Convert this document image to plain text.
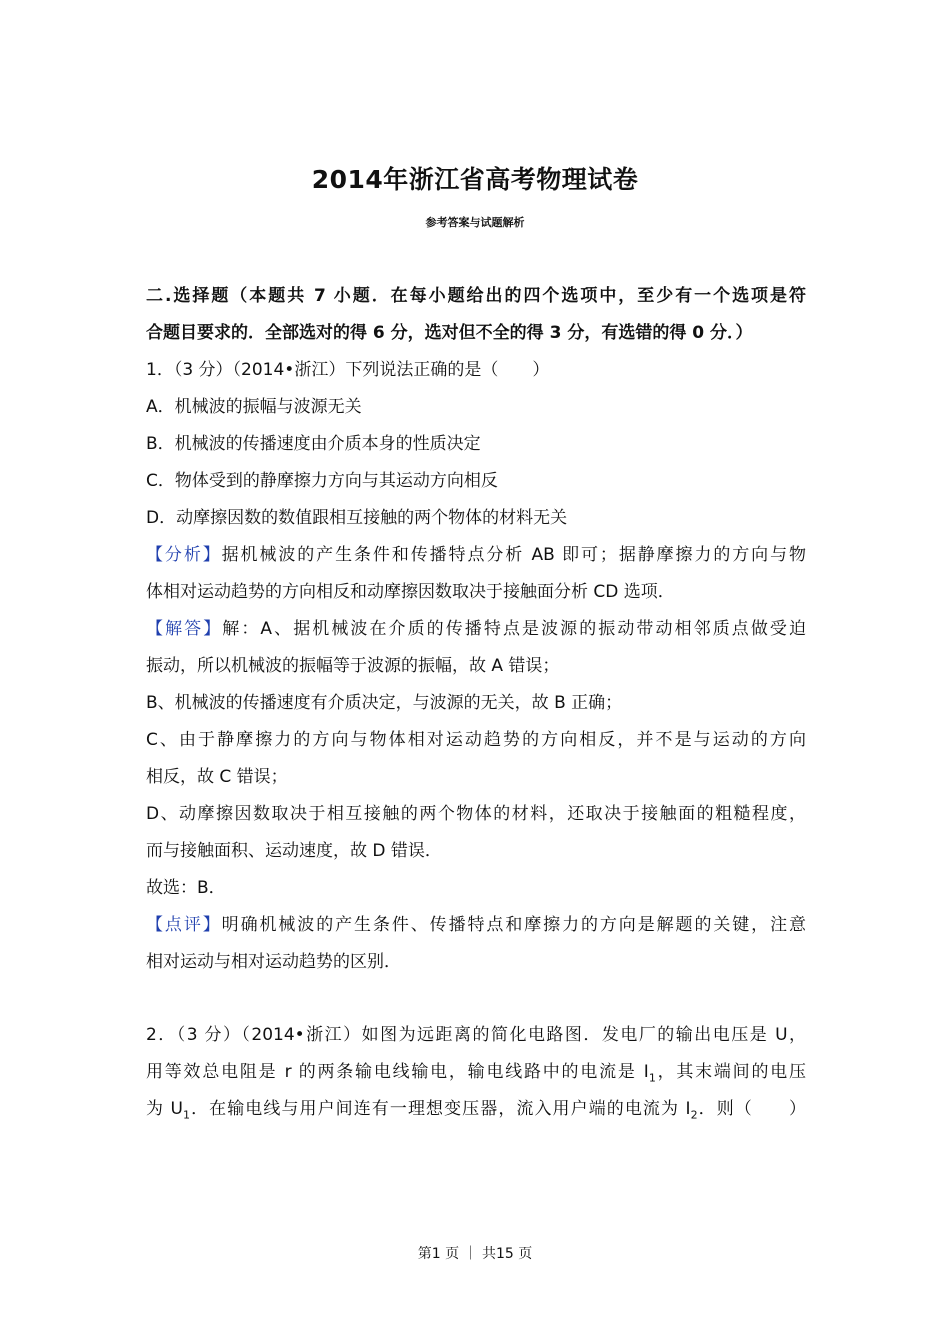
2014年浙江省高考物理试卷
参考答案与试题解析
二.选择题（本题共 7 小题．在每小题给出的四个选项中，至少有一个选项是符
合题目要求的．全部选对的得 6 分，选对但不全的得 3 分，有选错的得 0 分．）
1．（3 分）（2014•浙江）下列说法正确的是（　　）
A．机械波的振幅与波源无关
B．机械波的传播速度由介质本身的性质决定
C．物体受到的静摩擦力方向与其运动方向相反
D．动摩擦因数的数值跟相互接触的两个物体的材料无关
【分析】据机械波的产生条件和传播特点分析 AB 即可；据静摩擦力的方向与物
体相对运动趋势的方向相反和动摩擦因数取决于接触面分析 CD 选项．
【解答】解：A、据机械波在介质的传播特点是波源的振动带动相邻质点做受迫
振动，所以机械波的振幅等于波源的振幅，故 A 错误；
B、机械波的传播速度有介质决定，与波源的无关，故 B 正确；
C、由于静摩擦力的方向与物体相对运动趋势的方向相反，并不是与运动的方向
相反，故 C 错误；
D、动摩擦因数取决于相互接触的两个物体的材料，还取决于接触面的粗糙程度，
而与接触面积、运动速度，故 D 错误．
故选：B．
【点评】明确机械波的产生条件、传播特点和摩擦力的方向是解题的关键，注意
相对运动与相对运动趋势的区别．
2．（3 分）（2014•浙江）如图为远距离的简化电路图．发电厂的输出电压是 U，
用等效总电阻是 r 的两条输电线输电，输电线路中的电流是 $I_1$，其末端间的电压
为 $U_1$．在输电线与用户间连有一理想变压器，流入用户端的电流为 $I_2$．则（　　）
第1 页 ｜ 共15 页
